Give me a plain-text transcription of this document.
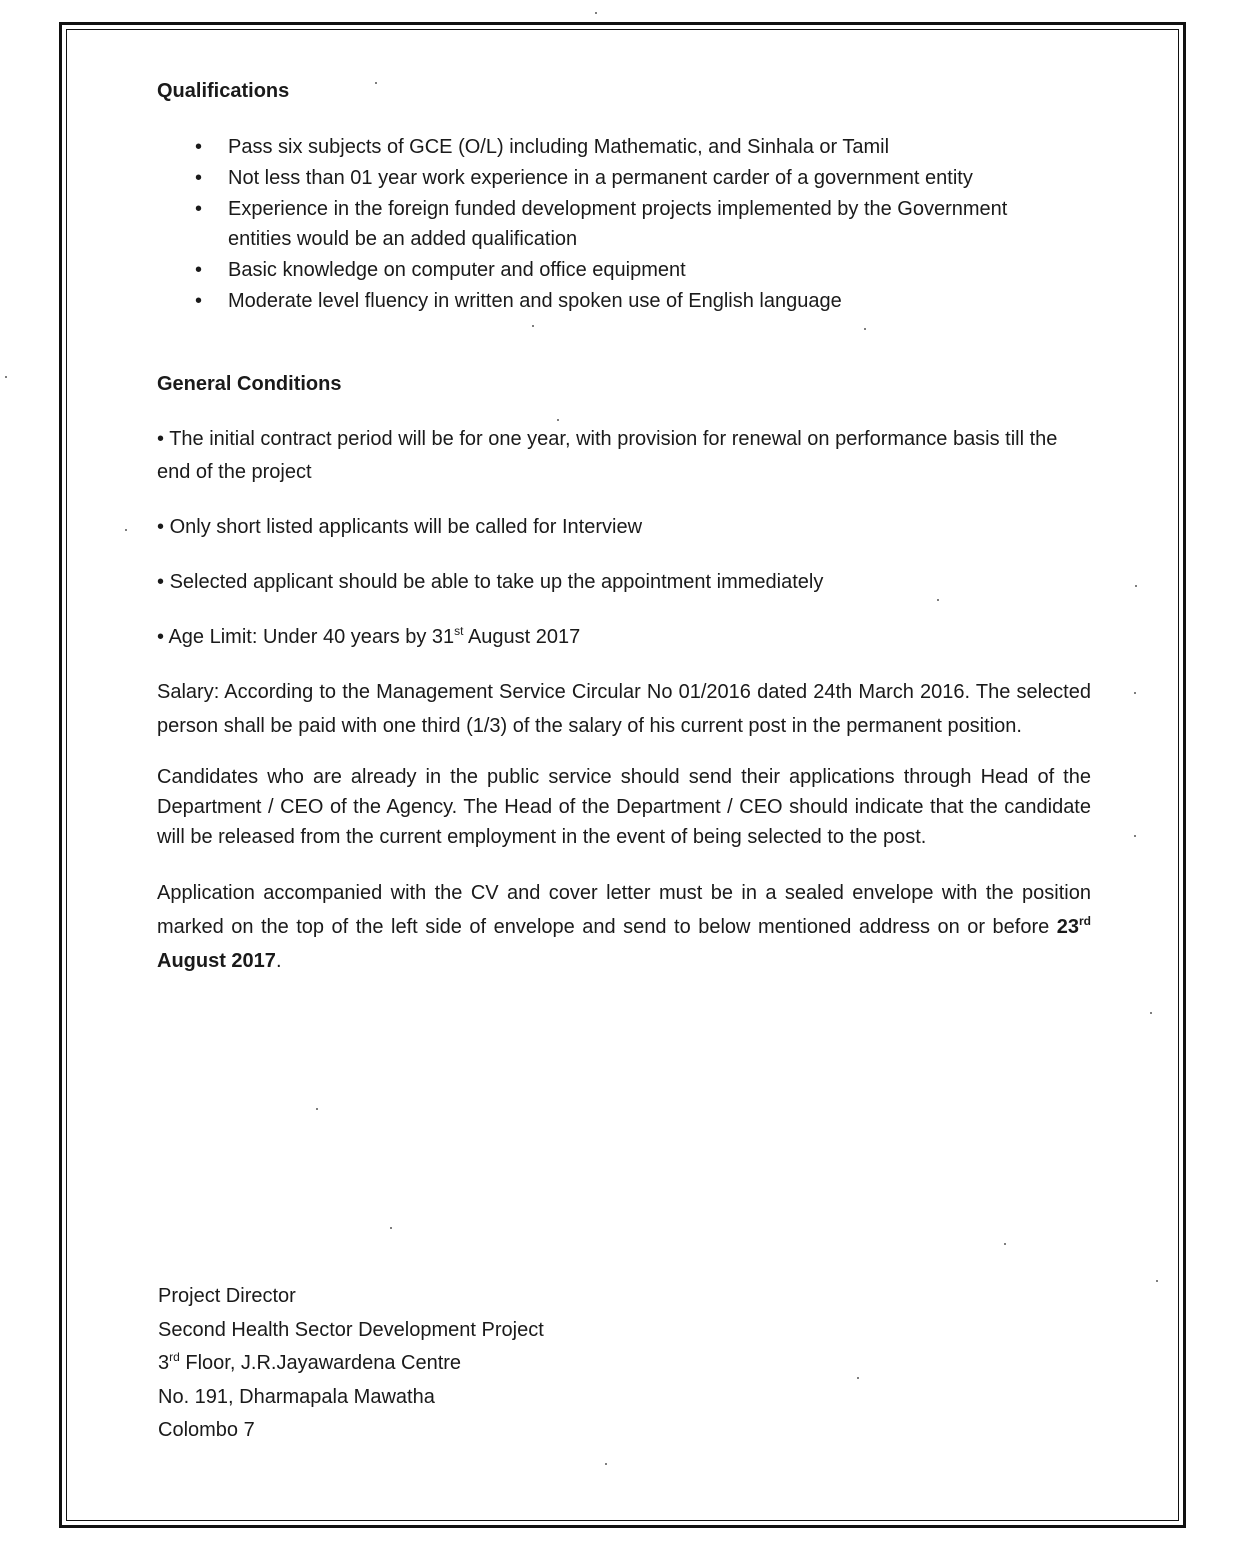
Qualifications
• Pass six subjects of GCE (O/L) including Mathematic, and Sinhala or Tamil
• Not less than 01 year work experience in a permanent carder of a government entity
• Experience in the foreign funded development projects implemented by the Government
entities would be an added qualification
• Basic knowledge on computer and office equipment
• Moderate level fluency in written and spoken use of English language
General Conditions

• The initial contract period will be for one year, with provision for renewal on performance basis till the end of the project

• Only short listed applicants will be called for Interview

• Selected applicant should be able to take up the appointment immediately

• Age Limit: Under 40 years by 31st August 2017

Salary: According to the Management Service Circular No 01/2016 dated 24th March 2016. The selected person shall be paid with one third (1/3) of the salary of his current post in the permanent position.

Candidates who are already in the public service should send their applications through Head of the Department / CEO of the Agency. The Head of the Department / CEO should indicate that the candidate will be released from the current employment in the event of being selected to the post.

Application accompanied with the CV and cover letter must be in a sealed envelope with the position marked on the top of the left side of envelope and send to below mentioned address on or before 23rd August 2017.

Project Director
Second Health Sector Development Project
3rd Floor, J.R.Jayawardena Centre
No. 191, Dharmapala Mawatha
Colombo 7
